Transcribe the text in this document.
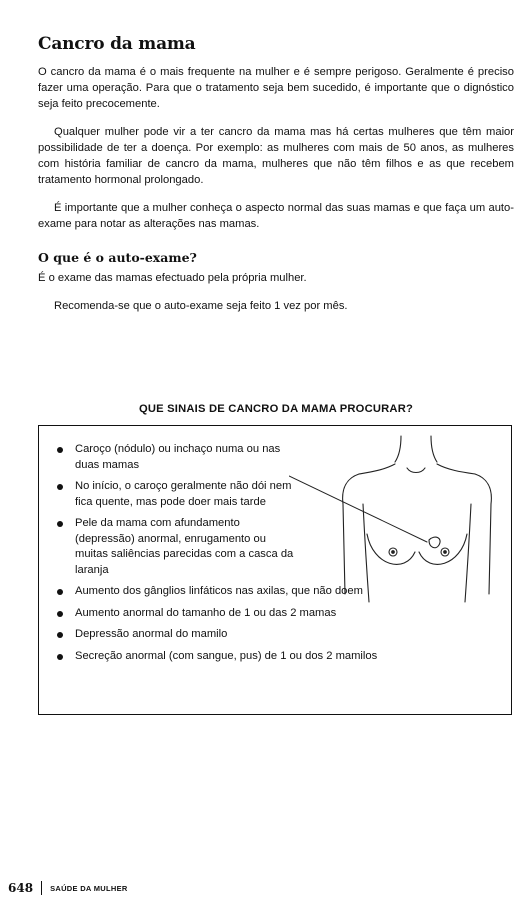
Cancro da mama

O cancro da mama é o mais frequente na mulher e é sempre perigoso. Geralmente é preciso fazer uma operação. Para que o tratamento seja bem sucedido, é importante que o dignóstico seja feito precocemente.

Qualquer mulher pode vir a ter cancro da mama mas há certas mulheres que têm maior possibilidade de ter a doença. Por exemplo: as mulheres com mais de 50 anos, as mulheres com história familiar de cancro da mama, mulheres que não têm filhos e as que recebem tratamento hormonal prolongado.

É importante que a mulher conheça o aspecto normal das suas mamas e que faça um auto-exame para notar as alterações nas mamas.

O que é o auto-exame?

É o exame das mamas efectuado pela própria mulher.

Recomenda-se que o auto-exame seja feito 1 vez por mês.

QUE SINAIS DE CANCRO DA MAMA PROCURAR?
Caroço (nódulo) ou inchaço numa ou nas duas mamas
No início, o caroço geralmente não dói nem fica quente, mas pode doer mais tarde
Pele da mama com afundamento (depressão) anormal, enrugamento ou muitas saliências parecidas com a casca da laranja
Aumento dos gânglios linfáticos nas axilas, que não doem
Aumento anormal do tamanho de 1 ou das 2 mamas
Depressão anormal do mamilo
Secreção anormal (com sangue, pus) de 1 ou dos 2 mamilos
648 SAÚDE DA MULHER
